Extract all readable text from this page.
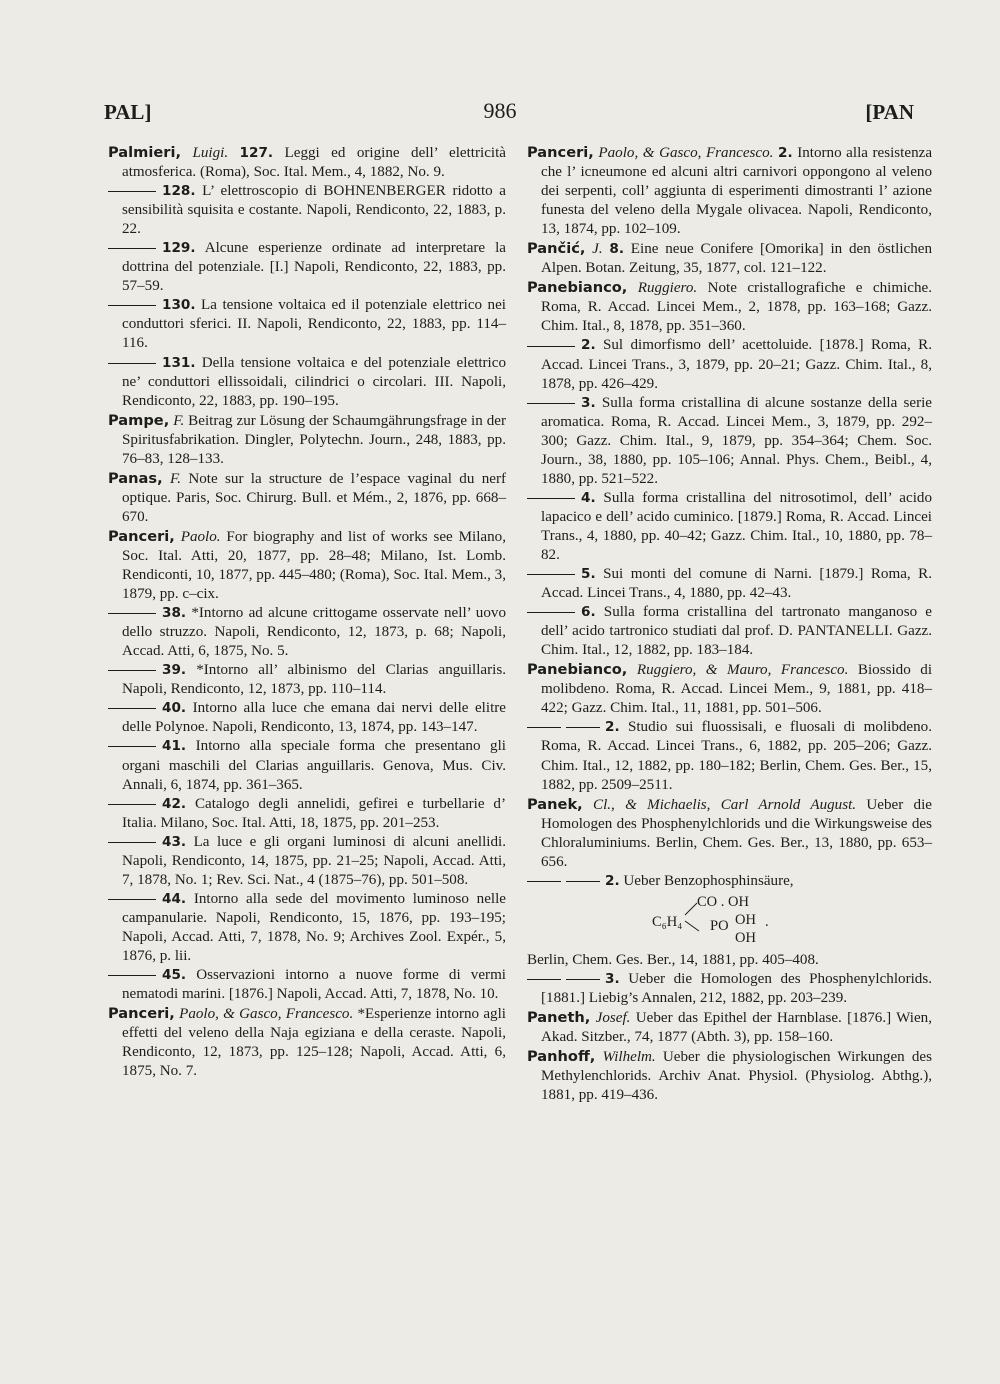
PAL]	986	[PAN

Palmieri, Luigi. 127. Leggi ed origine dell’ elettricità atmosferica. (Roma), Soc. Ital. Mem., 4, 1882, No. 9.

128. L’ elettroscopio di BOHNENBERGER ridotto a sensibilità squisita e costante. Napoli, Rendiconto, 22, 1883, p. 22.

129. Alcune esperienze ordinate ad interpretare la dottrina del potenziale. [I.] Napoli, Rendiconto, 22, 1883, pp. 57–59.

130. La tensione voltaica ed il potenziale elettrico nei conduttori sferici. II. Napoli, Rendiconto, 22, 1883, pp. 114–116.

131. Della tensione voltaica e del potenziale elettrico ne’ conduttori ellissoidali, cilindrici o circolari. III. Napoli, Rendiconto, 22, 1883, pp. 190–195.

Pampe, F. Beitrag zur Lösung der Schaumgährungsfrage in der Spiritusfabrikation. Dingler, Polytechn. Journ., 248, 1883, pp. 76–83, 128–133.

Panas, F. Note sur la structure de l’espace vaginal du nerf optique. Paris, Soc. Chirurg. Bull. et Mém., 2, 1876, pp. 668–670.

Panceri, Paolo. For biography and list of works see Milano, Soc. Ital. Atti, 20, 1877, pp. 28–48; Milano, Ist. Lomb. Rendiconti, 10, 1877, pp. 445–480; (Roma), Soc. Ital. Mem., 3, 1879, pp. c–cix.

38. *Intorno ad alcune crittogame osservate nell’ uovo dello struzzo. Napoli, Rendiconto, 12, 1873, p. 68; Napoli, Accad. Atti, 6, 1875, No. 5.

39. *Intorno all’ albinismo del Clarias anguillaris. Napoli, Rendiconto, 12, 1873, pp. 110–114.

40. Intorno alla luce che emana dai nervi delle elitre delle Polynoe. Napoli, Rendiconto, 13, 1874, pp. 143–147.

41. Intorno alla speciale forma che presentano gli organi maschili del Clarias anguillaris. Genova, Mus. Civ. Annali, 6, 1874, pp. 361–365.

42. Catalogo degli annelidi, gefirei e turbellarie d’ Italia. Milano, Soc. Ital. Atti, 18, 1875, pp. 201–253.

43. La luce e gli organi luminosi di alcuni anellidi. Napoli, Rendiconto, 14, 1875, pp. 21–25; Napoli, Accad. Atti, 7, 1878, No. 1; Rev. Sci. Nat., 4 (1875–76), pp. 501–508.

44. Intorno alla sede del movimento luminoso nelle campanularie. Napoli, Rendiconto, 15, 1876, pp. 193–195; Napoli, Accad. Atti, 7, 1878, No. 9; Archives Zool. Expér., 5, 1876, p. lii.

45. Osservazioni intorno a nuove forme di vermi nematodi marini. [1876.] Napoli, Accad. Atti, 7, 1878, No. 10.

Panceri, Paolo, & Gasco, Francesco. *Esperienze intorno agli effetti del veleno della Naja egiziana e della ceraste. Napoli, Rendiconto, 12, 1873, pp. 125–128; Napoli, Accad. Atti, 6, 1875, No. 7.

Panceri, Paolo, & Gasco, Francesco. 2. Intorno alla resistenza che l’ icneumone ed alcuni altri carnivori oppongono al veleno dei serpenti, coll’ aggiunta di esperimenti dimostranti l’ azione funesta del veleno della Mygale olivacea. Napoli, Rendiconto, 13, 1874, pp. 102–109.

Pančić, J. 8. Eine neue Conifere [Omorika] in den östlichen Alpen. Botan. Zeitung, 35, 1877, col. 121–122.

Panebianco, Ruggiero. Note cristallografiche e chimiche. Roma, R. Accad. Lincei Mem., 2, 1878, pp. 163–168; Gazz. Chim. Ital., 8, 1878, pp. 351–360.

2. Sul dimorfismo dell’ acettoluide. [1878.] Roma, R. Accad. Lincei Trans., 3, 1879, pp. 20–21; Gazz. Chim. Ital., 8, 1878, pp. 426–429.

3. Sulla forma cristallina di alcune sostanze della serie aromatica. Roma, R. Accad. Lincei Mem., 3, 1879, pp. 292–300; Gazz. Chim. Ital., 9, 1879, pp. 354–364; Chem. Soc. Journ., 38, 1880, pp. 105–106; Annal. Phys. Chem., Beibl., 4, 1880, pp. 521–522.

4. Sulla forma cristallina del nitrosotimol, dell’ acido lapacico e dell’ acido cuminico. [1879.] Roma, R. Accad. Lincei Trans., 4, 1880, pp. 40–42; Gazz. Chim. Ital., 10, 1880, pp. 78–82.

5. Sui monti del comune di Narni. [1879.] Roma, R. Accad. Lincei Trans., 4, 1880, pp. 42–43.

6. Sulla forma cristallina del tartronato manganoso e dell’ acido tartronico studiati dal prof. D. PANTANELLI. Gazz. Chim. Ital., 12, 1882, pp. 183–184.

Panebianco, Ruggiero, & Mauro, Francesco. Biossido di molibdeno. Roma, R. Accad. Lincei Mem., 9, 1881, pp. 418–422; Gazz. Chim. Ital., 11, 1881, pp. 501–506.

2. Studio sui fluossisali, e fluosali di molibdeno. Roma, R. Accad. Lincei Trans., 6, 1882, pp. 205–206; Gazz. Chim. Ital., 12, 1882, pp. 180–182; Berlin, Chem. Ges. Ber., 15, 1882, pp. 2509–2511.

Panek, Cl., & Michaelis, Carl Arnold August. Ueber die Homologen des Phosphenylchlorids und die Wirkungsweise des Chloraluminiums. Berlin, Chem. Ges. Ber., 13, 1880, pp. 653–656.

2. Ueber Benzophosphinsäure,

CO . OH
C₆H₄ PO OH
OH
.

Berlin, Chem. Ges. Ber., 14, 1881, pp. 405–408.

3. Ueber die Homologen des Phosphenylchlorids. [1881.] Liebig’s Annalen, 212, 1882, pp. 203–239.

Paneth, Josef. Ueber das Epithel der Harnblase. [1876.] Wien, Akad. Sitzber., 74, 1877 (Abth. 3), pp. 158–160.

Panhoff, Wilhelm. Ueber die physiologischen Wirkungen des Methylenchlorids. Archiv Anat. Physiol. (Physiolog. Abthg.), 1881, pp. 419–436.
